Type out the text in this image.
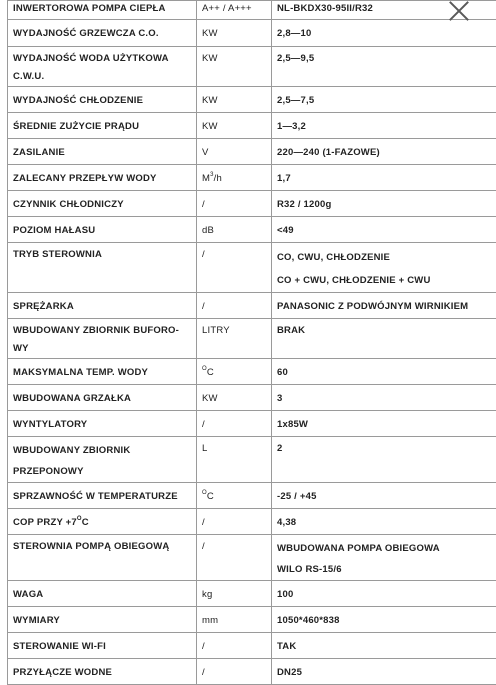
INWERTOROWA POMPA CIEPŁA	A++ / A+++	NL-BKDX30-95II/R32
WYDAJNOŚĆ GRZEWCZA C.O.	KW	2,8—10
WYDAJNOŚĆ WODA UŻYTKOWA C.W.U.	KW	2,5—9,5
WYDAJNOŚĆ CHŁODZENIE	KW	2,5—7,5
ŚREDNIE ZUŻYCIE PRĄDU	KW	1—3,2
ZASILANIE	V	220—240 (1-FAZOWE)
ZALECANY PRZEPŁYW WODY	$M^3/h$	1,7
CZYNNIK CHŁODNICZY	/	R32 / 1200g
POZIOM HAŁASU	dB	<49
TRYB STEROWNIA	/	CO, CWU, CHŁODZENIE
CO + CWU, CHŁODZENIE + CWU

SPRĘŻARKA	/	PANASONIC Z PODWÓJNYM WIRNIKIEM

WBUDOWANY ZBIORNIK BUFORO-
WY	LITRY	BRAK
MAKSYMALNA TEMP. WODY	$^O$C	60
WBUDOWANA GRZAŁKA	KW	3
WYNTYLATORY	/	1x85W

WBUDOWANY ZBIORNIK
PRZEPONOWY	L	2
SPRZAWNOŚĆ W TEMPERATURZE	$^O$C	-25 / +45
COP PRZY $+7^OC$	/	4,38
STEROWNIA POMPĄ OBIEGOWĄ	/	WBUDOWANA POMPA OBIEGOWA
WILO RS-15/6

WAGA	kg	100
WYMIARY	mm	1050*460*838
STEROWANIE WI-FI	/	TAK
PRZYŁĄCZE WODNE	/	DN25
